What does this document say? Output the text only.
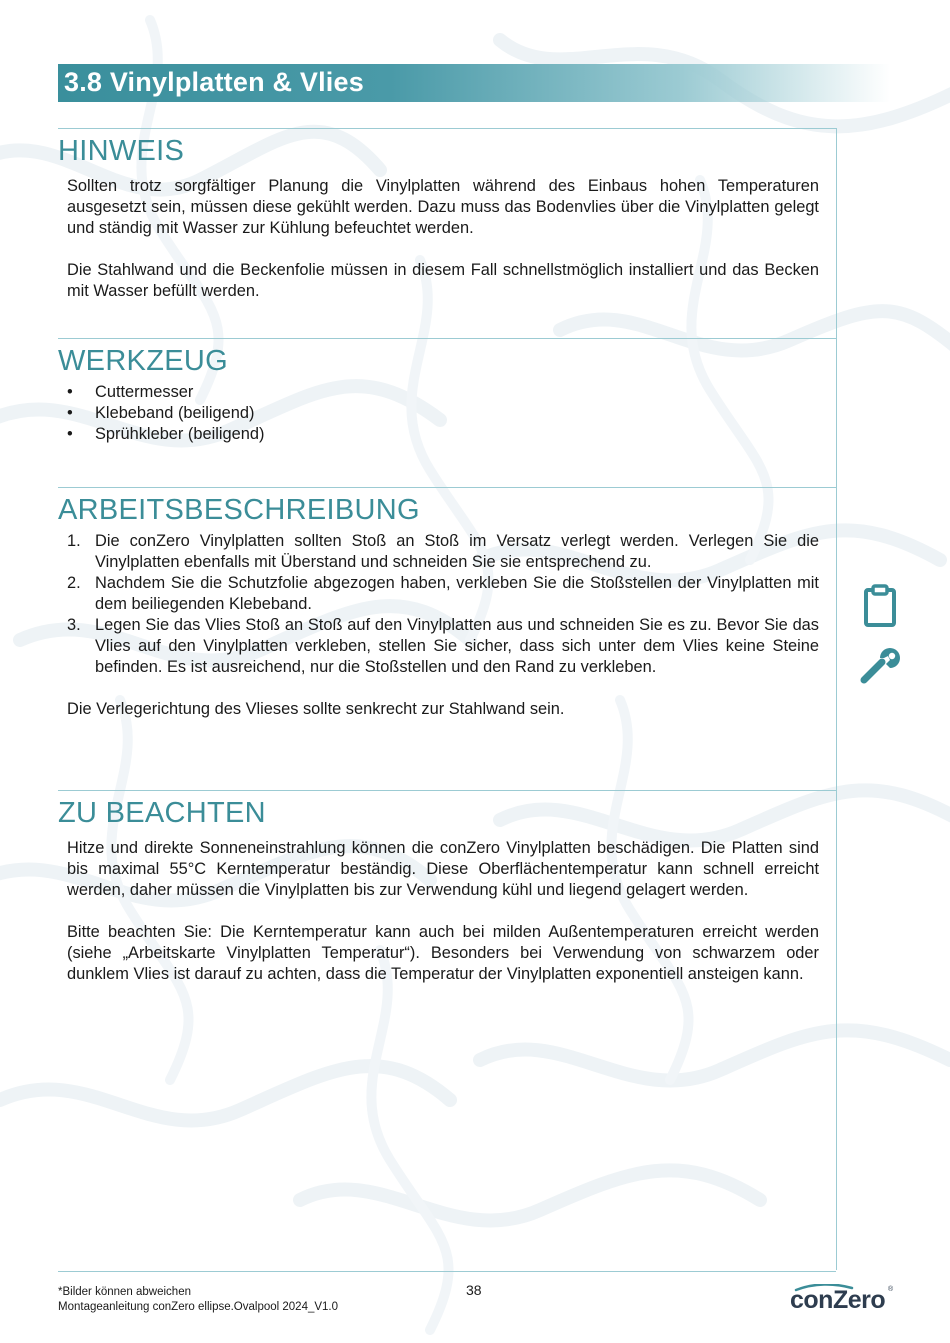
3.8 Vinylplatten & Vlies
HINWEIS

Sollten trotz sorgfältiger Planung die Vinylplatten während des Einbaus hohen Temperaturen ausgesetzt sein, müssen diese gekühlt werden. Dazu muss das Bodenvlies über die Vinylplatten gelegt und ständig mit Wasser zur Kühlung befeuchtet werden.

Die Stahlwand und die Beckenfolie müssen in diesem Fall schnellstmöglich installiert und das Becken mit Wasser befüllt werden.

WERKZEUG
• Cuttermesser
• Klebeband (beiligend)
• Sprühkleber (beiligend)
ARBEITSBESCHREIBUNG
1. Die conZero Vinylplatten sollten Stoß an Stoß im Versatz verlegt werden. Verlegen Sie die Vinylplatten ebenfalls mit Überstand und schneiden Sie sie entsprechend zu.
2. Nachdem Sie die Schutzfolie abgezogen haben, verkleben Sie die Stoßstellen der Vinylplatten mit dem beiliegenden Klebeband.
3. Legen Sie das Vlies Stoß an Stoß auf den Vinylplatten aus und schneiden Sie es zu. Bevor Sie das Vlies auf den Vinylplatten verkleben, stellen Sie sicher, dass sich unter dem Vlies keine Steine befinden. Es ist ausreichend, nur die Stoßstellen und den Rand zu verkleben.

Die Verlegerichtung des Vlieses sollte senkrecht zur Stahlwand sein.

ZU BEACHTEN

Hitze und direkte Sonneneinstrahlung können die conZero Vinylplatten beschädigen. Die Platten sind bis maximal 55°C Kerntemperatur beständig. Diese Oberflächentemperatur kann schnell erreicht werden, daher müssen die Vinylplatten bis zur Verwendung kühl und liegend gelagert werden.

Bitte beachten Sie: Die Kerntemperatur kann auch bei milden Außentemperaturen erreicht werden (siehe „Arbeitskarte Vinylplatten Temperatur“). Besonders bei Verwendung von schwarzem oder dunklem Vlies ist darauf zu achten, dass die Temperatur der Vinylplatten exponentiell ansteigen kann.

*Bilder können abweichen
Montageanleitung conZero ellipse.Ovalpool 2024_V1.0
38	conZero ®
